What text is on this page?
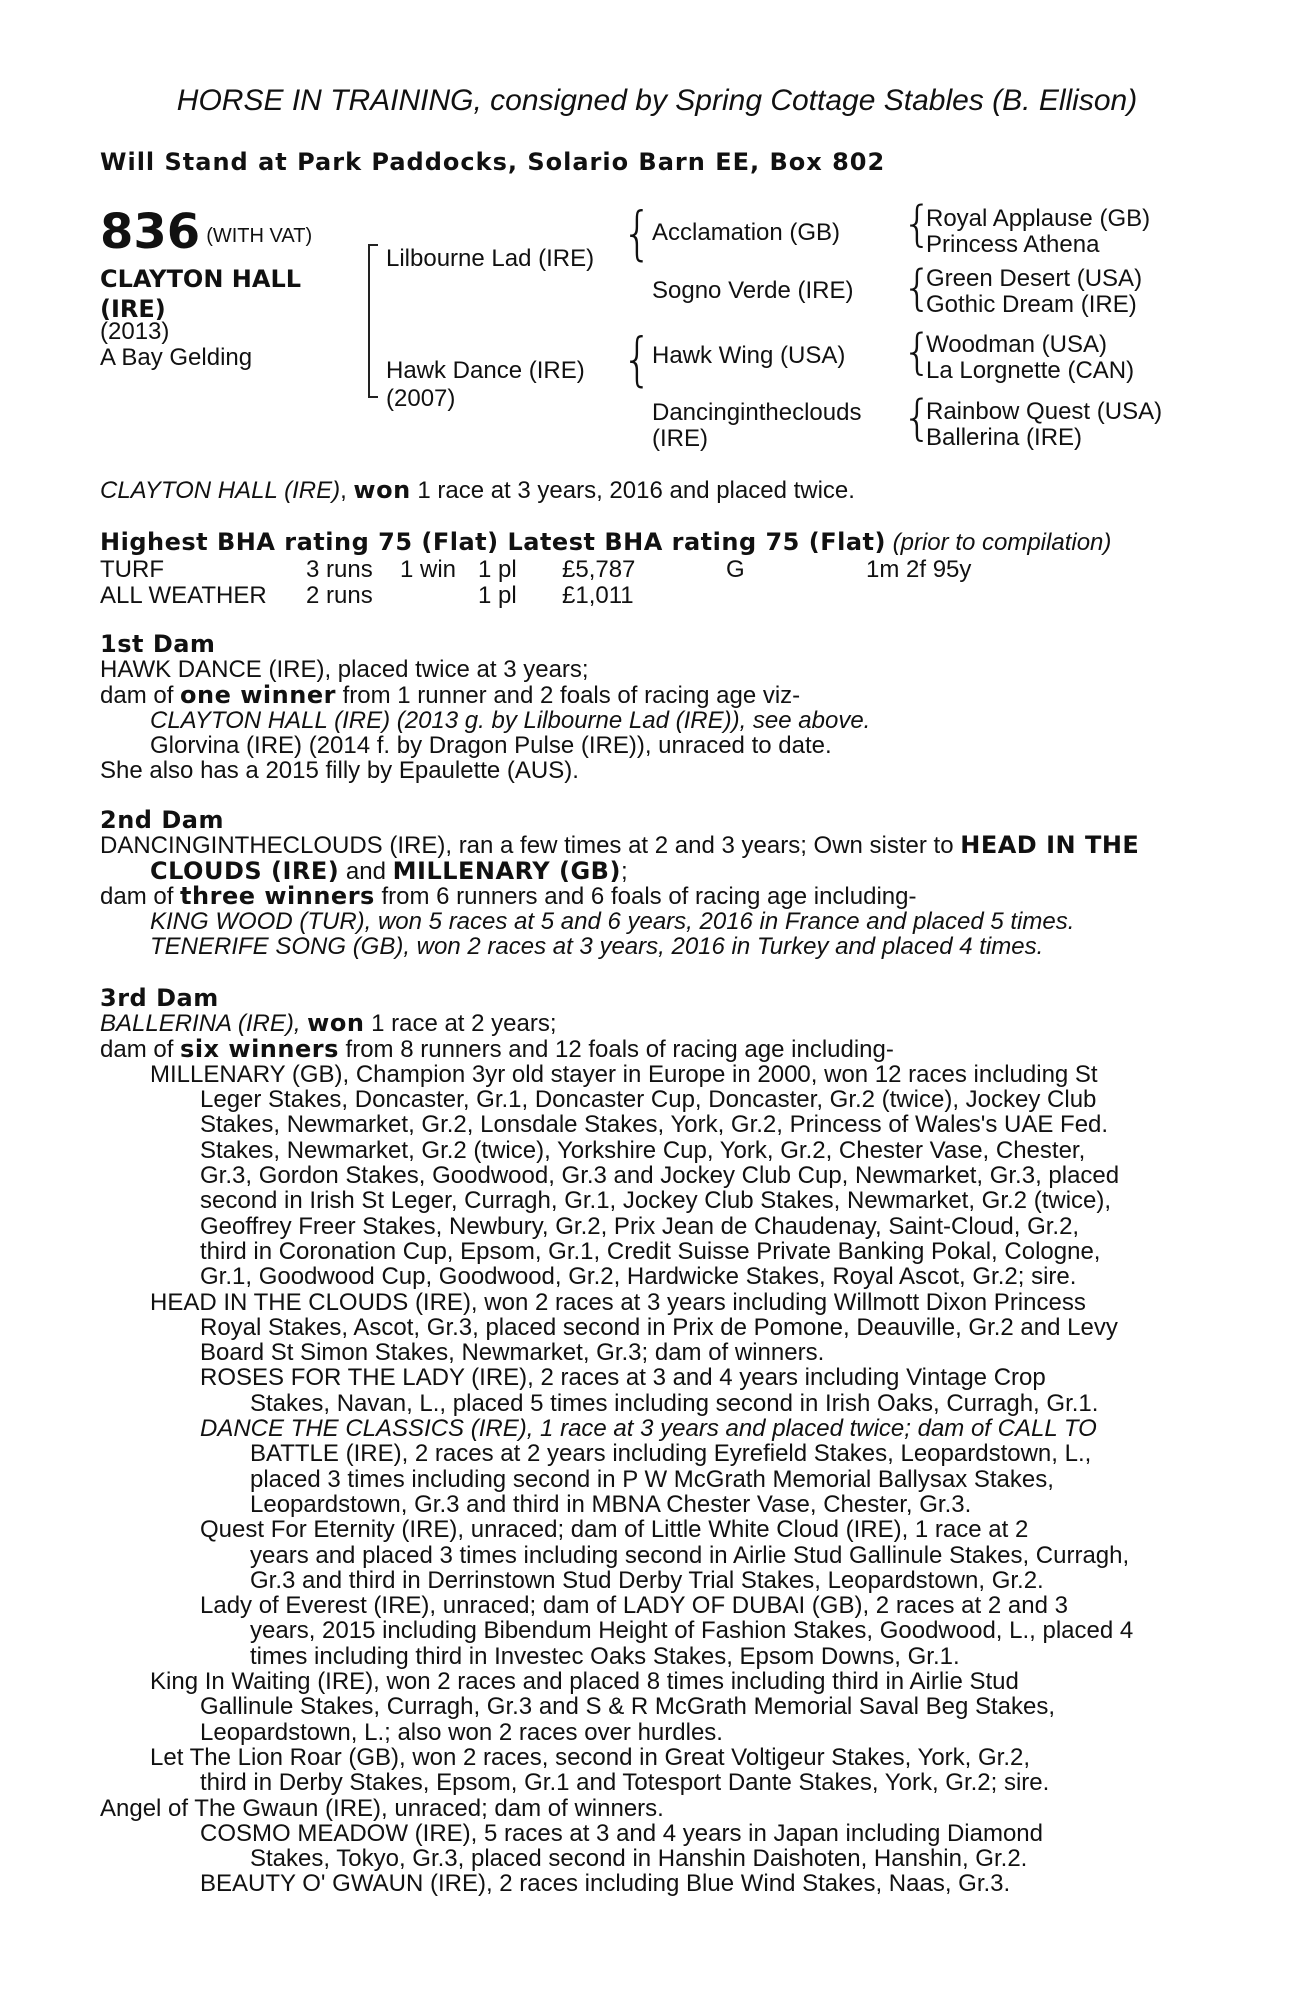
HORSE IN TRAINING, consigned by Spring Cottage Stables (B. Ellison)
Will Stand at Park Paddocks, Solario Barn EE, Box 802
836 (WITH VAT)
CLAYTON HALL
(IRE)
(2013)
A Bay Gelding
Lilbourne Lad (IRE)
Hawk Dance (IRE)
(2007)
{ Acclamation (GB)
Sogno Verde (IRE)
{ Hawk Wing (USA)
Dancingintheclouds
(IRE)
{
Royal Applause (GB)
Princess Athena
{
Green Desert (USA)
Gothic Dream (IRE)
{
Woodman (USA)
La Lorgnette (CAN)
{
Rainbow Quest (USA)
Ballerina (IRE)
CLAYTON HALL (IRE), won 1 race at 3 years, 2016 and placed twice.
Highest BHA rating 75 (Flat) Latest BHA rating 75 (Flat) (prior to compilation)
TURF	3 runs 1 win 1 pl £5,787	G	1m 2f 95y
ALL WEATHER 2 runs	1 pl £1,011
1st Dam
HAWK DANCE (IRE), placed twice at 3 years;
dam of one winner from 1 runner and 2 foals of racing age viz-
CLAYTON HALL (IRE) (2013 g. by Lilbourne Lad (IRE)), see above.
Glorvina (IRE) (2014 f. by Dragon Pulse (IRE)), unraced to date.
She also has a 2015 filly by Epaulette (AUS).
2nd Dam
DANCINGINTHECLOUDS (IRE), ran a few times at 2 and 3 years; Own sister to HEAD IN THE
CLOUDS (IRE) and MILLENARY (GB);
dam of three winners from 6 runners and 6 foals of racing age including-
KING WOOD (TUR), won 5 races at 5 and 6 years, 2016 in France and placed 5 times.
TENERIFE SONG (GB), won 2 races at 3 years, 2016 in Turkey and placed 4 times.
3rd Dam
BALLERINA (IRE), won 1 race at 2 years;
dam of six winners from 8 runners and 12 foals of racing age including-
MILLENARY (GB), Champion 3yr old stayer in Europe in 2000, won 12 races including St
Leger Stakes, Doncaster, Gr.1, Doncaster Cup, Doncaster, Gr.2 (twice), Jockey Club
Stakes, Newmarket, Gr.2, Lonsdale Stakes, York, Gr.2, Princess of Wales's UAE Fed.
Stakes, Newmarket, Gr.2 (twice), Yorkshire Cup, York, Gr.2, Chester Vase, Chester,
Gr.3, Gordon Stakes, Goodwood, Gr.3 and Jockey Club Cup, Newmarket, Gr.3, placed
second in Irish St Leger, Curragh, Gr.1, Jockey Club Stakes, Newmarket, Gr.2 (twice),
Geoffrey Freer Stakes, Newbury, Gr.2, Prix Jean de Chaudenay, Saint-Cloud, Gr.2,
third in Coronation Cup, Epsom, Gr.1, Credit Suisse Private Banking Pokal, Cologne,
Gr.1, Goodwood Cup, Goodwood, Gr.2, Hardwicke Stakes, Royal Ascot, Gr.2; sire.
HEAD IN THE CLOUDS (IRE), won 2 races at 3 years including Willmott Dixon Princess
Royal Stakes, Ascot, Gr.3, placed second in Prix de Pomone, Deauville, Gr.2 and Levy
Board St Simon Stakes, Newmarket, Gr.3; dam of winners.
ROSES FOR THE LADY (IRE), 2 races at 3 and 4 years including Vintage Crop
Stakes, Navan, L., placed 5 times including second in Irish Oaks, Curragh, Gr.1.
DANCE THE CLASSICS (IRE), 1 race at 3 years and placed twice; dam of CALL TO
BATTLE (IRE), 2 races at 2 years including Eyrefield Stakes, Leopardstown, L.,
placed 3 times including second in P W McGrath Memorial Ballysax Stakes,
Leopardstown, Gr.3 and third in MBNA Chester Vase, Chester, Gr.3.
Quest For Eternity (IRE), unraced; dam of Little White Cloud (IRE), 1 race at 2
years and placed 3 times including second in Airlie Stud Gallinule Stakes, Curragh,
Gr.3 and third in Derrinstown Stud Derby Trial Stakes, Leopardstown, Gr.2.
Lady of Everest (IRE), unraced; dam of LADY OF DUBAI (GB), 2 races at 2 and 3
years, 2015 including Bibendum Height of Fashion Stakes, Goodwood, L., placed 4
times including third in Investec Oaks Stakes, Epsom Downs, Gr.1.
King In Waiting (IRE), won 2 races and placed 8 times including third in Airlie Stud
Gallinule Stakes, Curragh, Gr.3 and S & R McGrath Memorial Saval Beg Stakes,
Leopardstown, L.; also won 2 races over hurdles.
Let The Lion Roar (GB), won 2 races, second in Great Voltigeur Stakes, York, Gr.2,
third in Derby Stakes, Epsom, Gr.1 and Totesport Dante Stakes, York, Gr.2; sire.
Angel of The Gwaun (IRE), unraced; dam of winners.
COSMO MEADOW (IRE), 5 races at 3 and 4 years in Japan including Diamond
Stakes, Tokyo, Gr.3, placed second in Hanshin Daishoten, Hanshin, Gr.2.
BEAUTY O' GWAUN (IRE), 2 races including Blue Wind Stakes, Naas, Gr.3.
